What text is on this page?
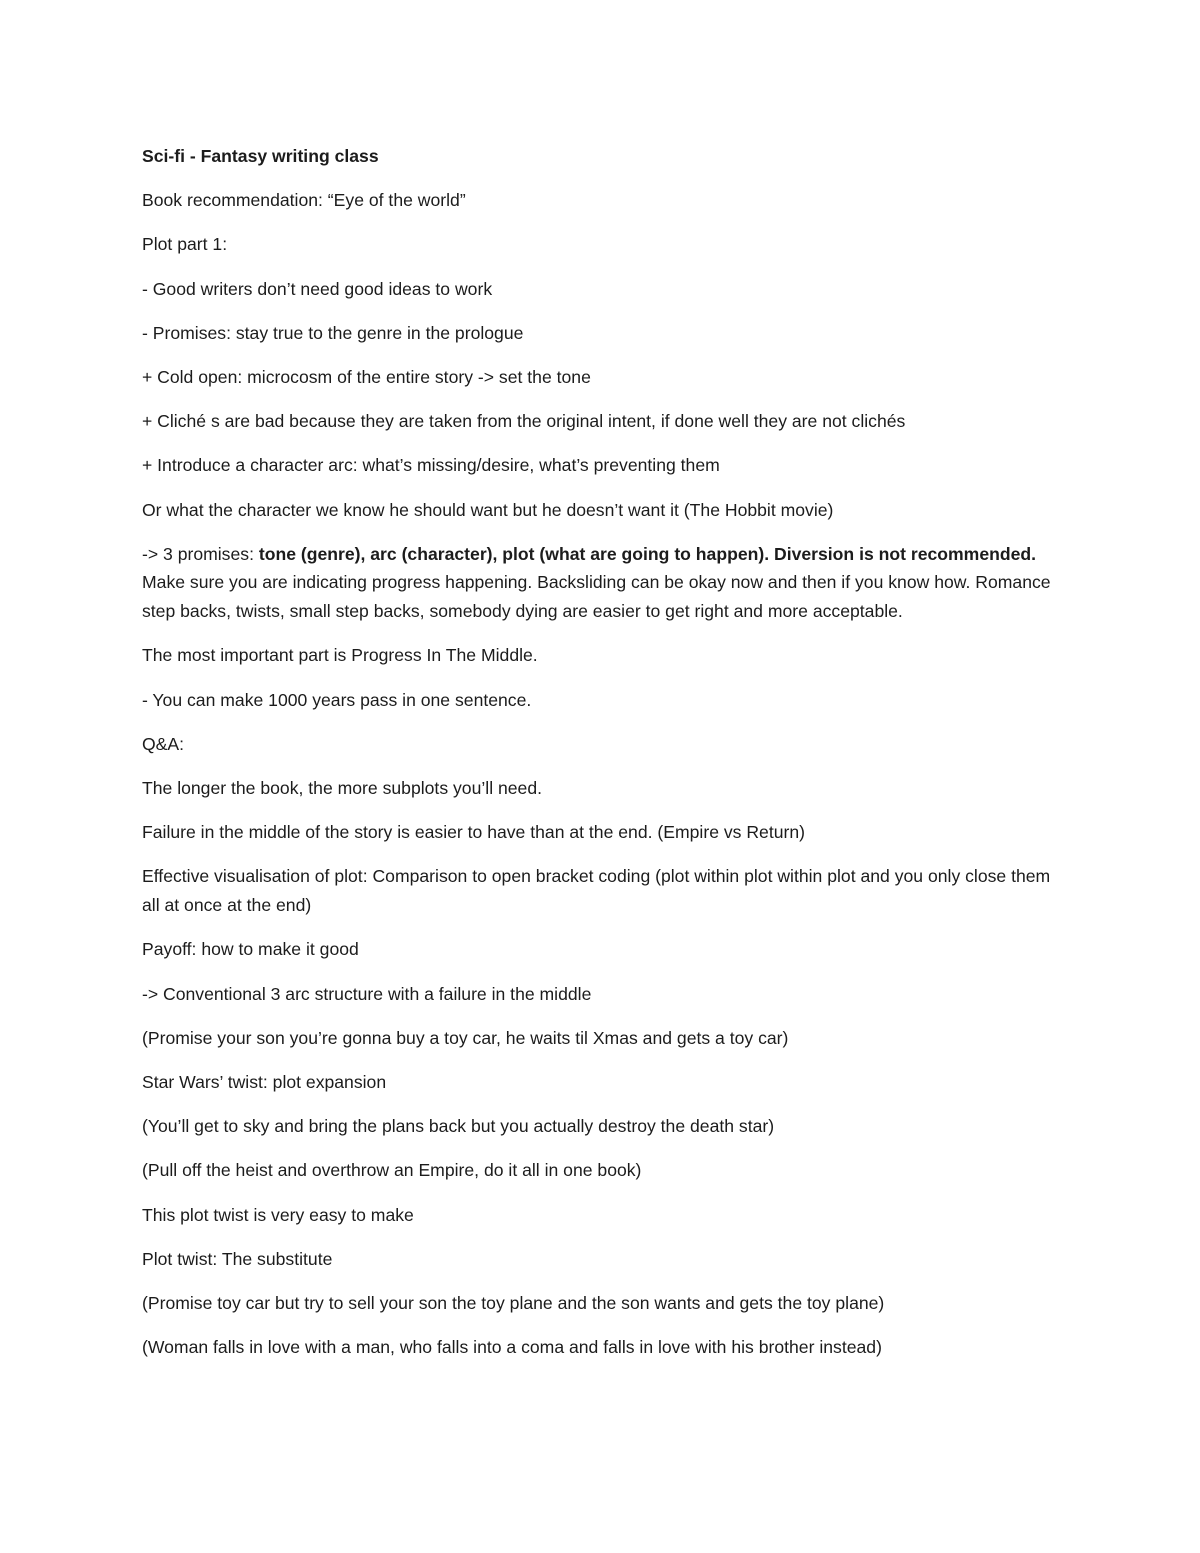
Sci-fi - Fantasy writing class

Book recommendation: “Eye of the world”

Plot part 1:

- Good writers don’t need good ideas to work

- Promises: stay true to the genre in the prologue

+ Cold open: microcosm of the entire story -> set the tone

+ Cliché s are bad because they are taken from the original intent, if done well they are not clichés

+ Introduce a character arc: what’s missing/desire, what’s preventing them

Or what the character we know he should want but he doesn’t want it (The Hobbit movie)

-> 3 promises: tone (genre), arc (character), plot (what are going to happen). Diversion is not recommended. Make sure you are indicating progress happening. Backsliding can be okay now and then if you know how. Romance step backs, twists, small step backs, somebody dying are easier to get right and more acceptable.

The most important part is Progress In The Middle.

- You can make 1000 years pass in one sentence.

Q&A:

The longer the book, the more subplots you’ll need.

Failure in the middle of the story is easier to have than at the end. (Empire vs Return)

Effective visualisation of plot: Comparison to open bracket coding (plot within plot within plot and you only close them all at once at the end)

Payoff: how to make it good

-> Conventional 3 arc structure with a failure in the middle

(Promise your son you’re gonna buy a toy car, he waits til Xmas and gets a toy car)

Star Wars’ twist: plot expansion

(You’ll get to sky and bring the plans back but you actually destroy the death star)

(Pull off the heist and overthrow an Empire, do it all in one book)

This plot twist is very easy to make

Plot twist: The substitute

(Promise toy car but try to sell your son the toy plane and the son wants and gets the toy plane)

(Woman falls in love with a man, who falls into a coma and falls in love with his brother instead)
